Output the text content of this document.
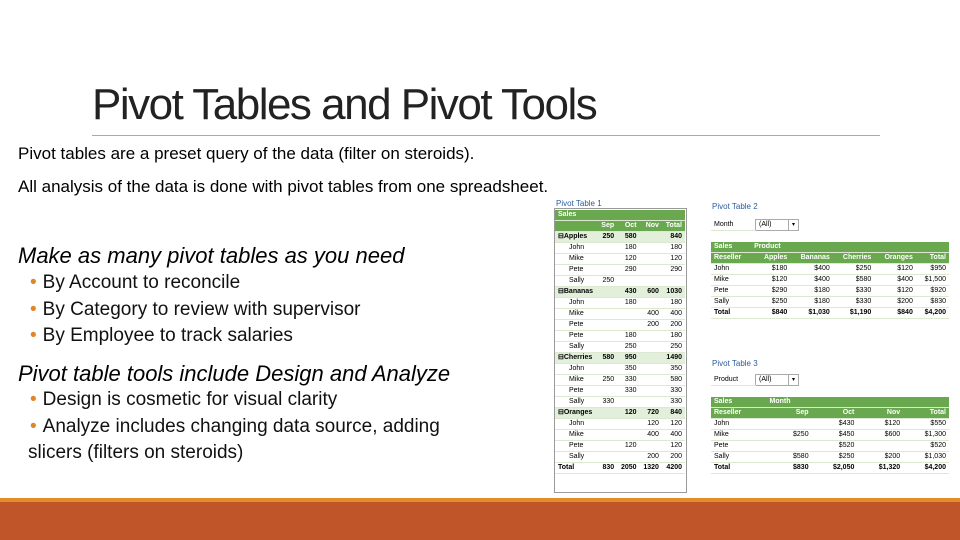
Pivot Tables and Pivot Tools
Pivot tables are a preset query of the data (filter on steroids).
All analysis of the data is done with pivot tables from one spreadsheet.
Make as many pivot tables as you need
• By Account to reconcile
• By Category to review with supervisor
• By Employee to track salaries
Pivot table tools include Design and Analyze
• Design is cosmetic for visual clarity
• Analyze includes changing data source, adding
slicers (filters on steroids)
Pivot Table 1
Sales				
	Sep	Oct	Nov	Total
⊟Apples	250	580		840
John		180		180
Mike		120		120
Pete		290		290
Sally	250			
⊟Bananas		430	600	1030
John		180		180
Mike			400	400
Pete			200	200
Pete		180		180
Sally		250		250
⊟Cherries	580	950		1490
John		350		350
Mike	250	330		580
Pete		330		330
Sally	330			330
⊟Oranges		120	720	840
John			120	120
Mike			400	400
Pete		120		120
Sally			200	200
Total	830	2050	1320	4200
Pivot Table 2
Month	(All)	▾
Sales	Product				
Reseller	Apples	Bananas	Cherries	Oranges	Total
John	$180	$400	$250	$120	$950
Mike	$120	$400	$580	$400	$1,500
Pete	$290	$180	$330	$120	$920
Sally	$250	$180	$330	$200	$830
Total	$840	$1,030	$1,190	$840	$4,200
Pivot Table 3
Product	(All)	▾
Sales	Month			
Reseller	Sep	Oct	Nov	Total
John		$430	$120	$550
Mike	$250	$450	$600	$1,300
Pete		$520		$520
Sally	$580	$250	$200	$1,030
Total	$830	$2,050	$1,320	$4,200
